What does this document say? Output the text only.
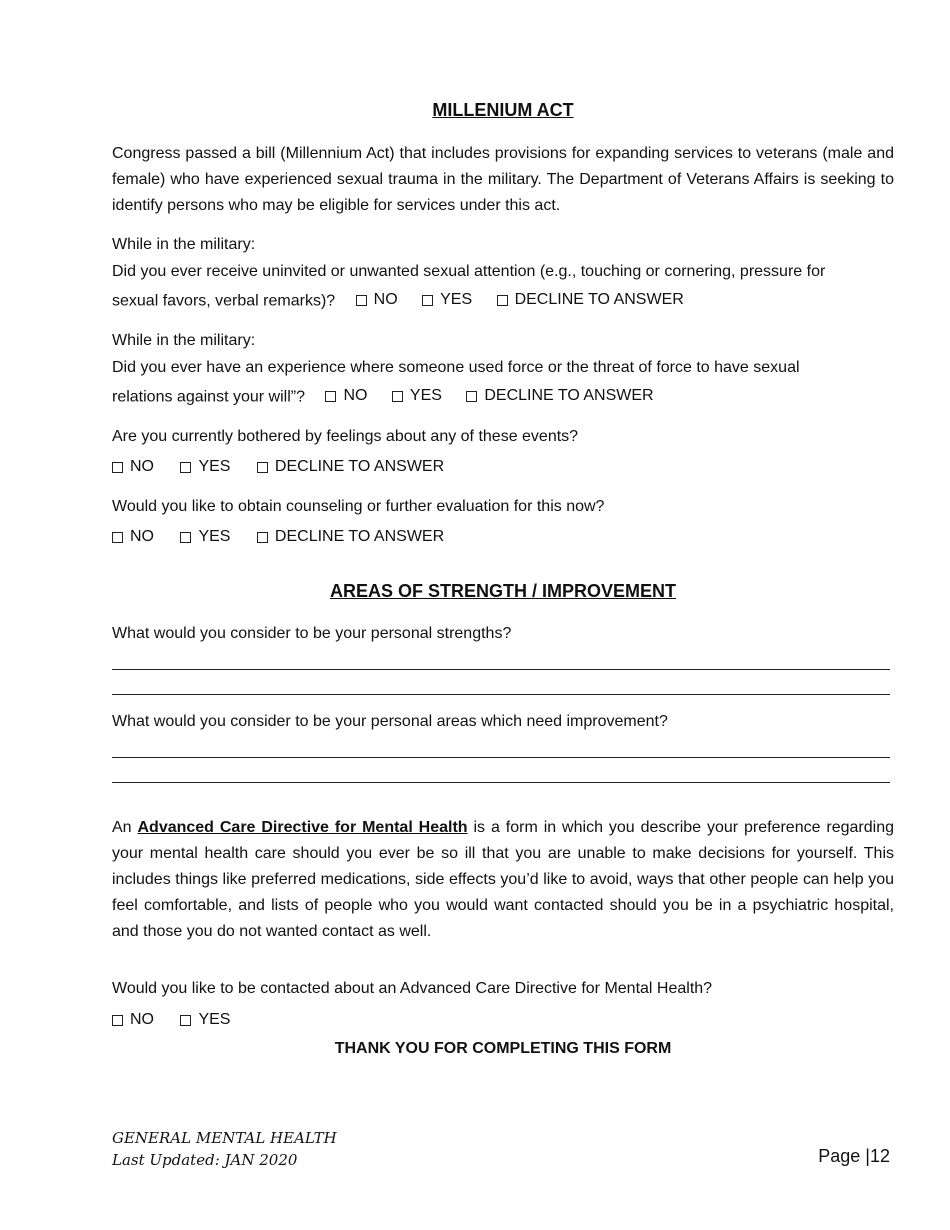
MILLENIUM ACT
Congress passed a bill (Millennium Act) that includes provisions for expanding services to veterans (male and female) who have experienced sexual trauma in the military. The Department of Veterans Affairs is seeking to identify persons who may be eligible for services under this act.
While in the military:
Did you ever receive uninvited or unwanted sexual attention (e.g., touching or cornering, pressure for
sexual favors, verbal remarks)? NO
	YES
	DECLINE TO ANSWER
While in the military:
Did you ever have an experience where someone used force or the threat of force to have sexual
relations against your will”? NO
	YES
	DECLINE TO ANSWER
Are you currently bothered by feelings about any of these events?
NO
	YES
	DECLINE TO ANSWER
Would you like to obtain counseling or further evaluation for this now?
NO
	YES
	DECLINE TO ANSWER
AREAS OF STRENGTH / IMPROVEMENT
What would you consider to be your personal strengths?
What would you consider to be your personal areas which need improvement?
An Advanced Care Directive for Mental Health is a form in which you describe your preference regarding your mental health care should you ever be so ill that you are unable to make decisions for yourself. This includes things like preferred medications, side effects you’d like to avoid, ways that other people can help you feel comfortable, and lists of people who you would want contacted should you be in a psychiatric hospital, and those you do not wanted contact as well.
Would you like to be contacted about an Advanced Care Directive for Mental Health?
NO
	YES
THANK YOU FOR COMPLETING THIS FORM
GENERAL MENTAL HEALTH
Last Updated: JAN 2020	Page |12
